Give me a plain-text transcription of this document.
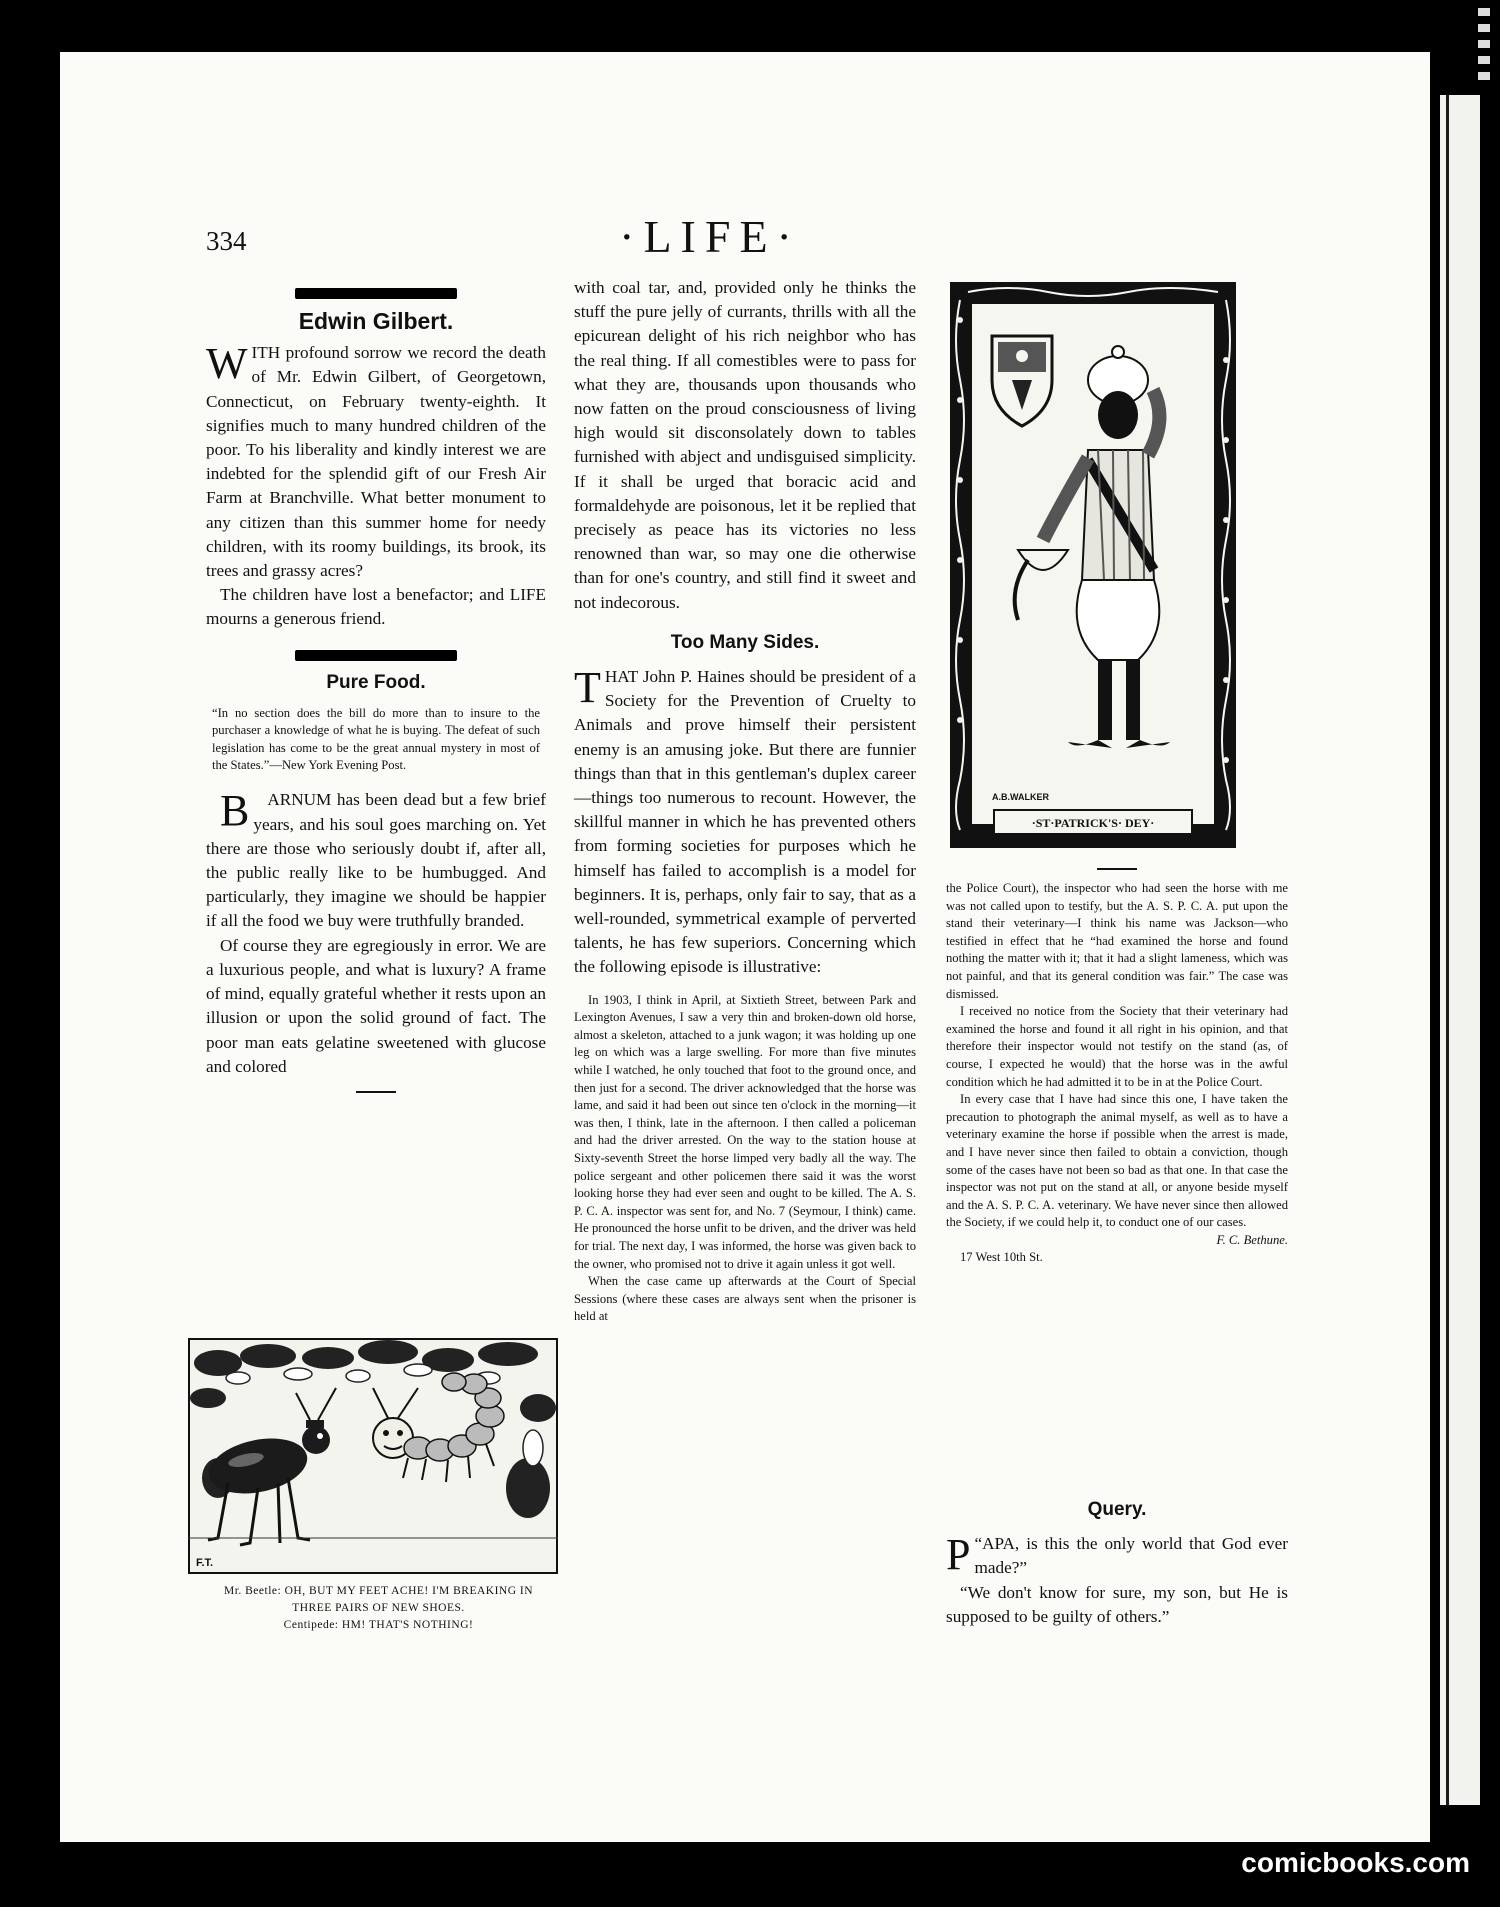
334	·LIFE·
Edwin Gilbert.

WITH profound sorrow we record the death of Mr. Edwin Gilbert, of Georgetown, Connecticut, on February twenty-eighth. It signifies much to many hundred children of the poor. To his liberality and kindly interest we are indebted for the splendid gift of our Fresh Air Farm at Branchville. What better monument to any citizen than this summer home for needy children, with its roomy buildings, its brook, its trees and grassy acres?

The children have lost a benefactor; and LIFE mourns a generous friend.

Pure Food.

“In no section does the bill do more than to insure to the purchaser a knowledge of what he is buying. The defeat of such legislation has come to be the great annual mystery in most of the States.”—New York Evening Post.

B ARNUM has been dead but a few brief years, and his soul goes marching on. Yet there are those who seriously doubt if, after all, the public really like to be humbugged. And particularly, they imagine we should be happier if all the food we buy were truthfully branded.

Of course they are egregiously in error. We are a luxurious people, and what is luxury? A frame of mind, equally grateful whether it rests upon an illusion or upon the solid ground of fact. The poor man eats gelatine sweetened with glucose and colored

F.T.
Mr. Beetle: OH, BUT MY FEET ACHE! I'M BREAKING IN THREE PAIRS OF NEW SHOES.
Centipede: HM! THAT'S NOTHING!

with coal tar, and, provided only he thinks the stuff the pure jelly of currants, thrills with all the epicurean delight of his rich neighbor who has the real thing. If all comestibles were to pass for what they are, thousands upon thousands who now fatten on the proud consciousness of living high would sit disconsolately down to tables furnished with abject and undisguised simplicity. If it shall be urged that boracic acid and formaldehyde are poisonous, let it be replied that precisely as peace has its victories no less renowned than war, so may one die otherwise than for one's country, and still find it sweet and not indecorous.

Too Many Sides.

THAT John P. Haines should be president of a Society for the Prevention of Cruelty to Animals and prove himself their persistent enemy is an amusing joke. But there are funnier things than that in this gentleman's duplex career—things too numerous to recount. However, the skillful manner in which he has prevented others from forming societies for purposes which he himself has failed to accomplish is a model for beginners. It is, perhaps, only fair to say, that as a well-rounded, symmetrical example of perverted talents, he has few superiors. Concerning which the following episode is illustrative:

In 1903, I think in April, at Sixtieth Street, between Park and Lexington Avenues, I saw a very thin and broken-down old horse, almost a skeleton, attached to a junk wagon; it was holding up one leg on which was a large swelling. For more than five minutes while I watched, he only touched that foot to the ground once, and then just for a second. The driver acknowledged that the horse was lame, and said it had been out since ten o'clock in the morning—it was then, I think, late in the afternoon. I then called a policeman and had the driver arrested. On the way to the station house at Sixty-seventh Street the horse limped very badly all the way. The police sergeant and other policemen there said it was the worst looking horse they had ever seen and ought to be killed. The A. S. P. C. A. inspector was sent for, and No. 7 (Seymour, I think) came. He pronounced the horse unfit to be driven, and the driver was held for trial. The next day, I was informed, the horse was given back to the owner, who promised not to drive it again unless it got well.

When the case came up afterwards at the Court of Special Sessions (where these cases are always sent when the prisoner is held at

A.B.WALKER
·ST·PATRICK'S· DEY·

the Police Court), the inspector who had seen the horse with me was not called upon to testify, but the A. S. P. C. A. put upon the stand their veterinary—I think his name was Jackson—who testified in effect that he “had examined the horse and found nothing the matter with it; that it had a slight lameness, which was not painful, and that its general condition was fair.” The case was dismissed.

I received no notice from the Society that their veterinary had examined the horse and found it all right in his opinion, and that therefore their inspector would not testify on the stand (as, of course, I expected he would) that the horse was in the awful condition which he had admitted it to be in at the Police Court.

In every case that I have had since this one, I have taken the precaution to photograph the animal myself, as well as to have a veterinary examine the horse if possible when the arrest is made, and I have never since then failed to obtain a conviction, though some of the cases have not been so bad as that one. In that case the inspector was not put on the stand at all, or anyone beside myself and the A. S. P. C. A. veterinary. We have never since then allowed the Society, if we could help it, to conduct one of our cases.

F. C. Bethune.

17 West 10th St.

Query.

“
P APA, is this the only world that God ever made?”

“We don't know for sure, my son, but He is supposed to be guilty of others.”

comicbooks.com
